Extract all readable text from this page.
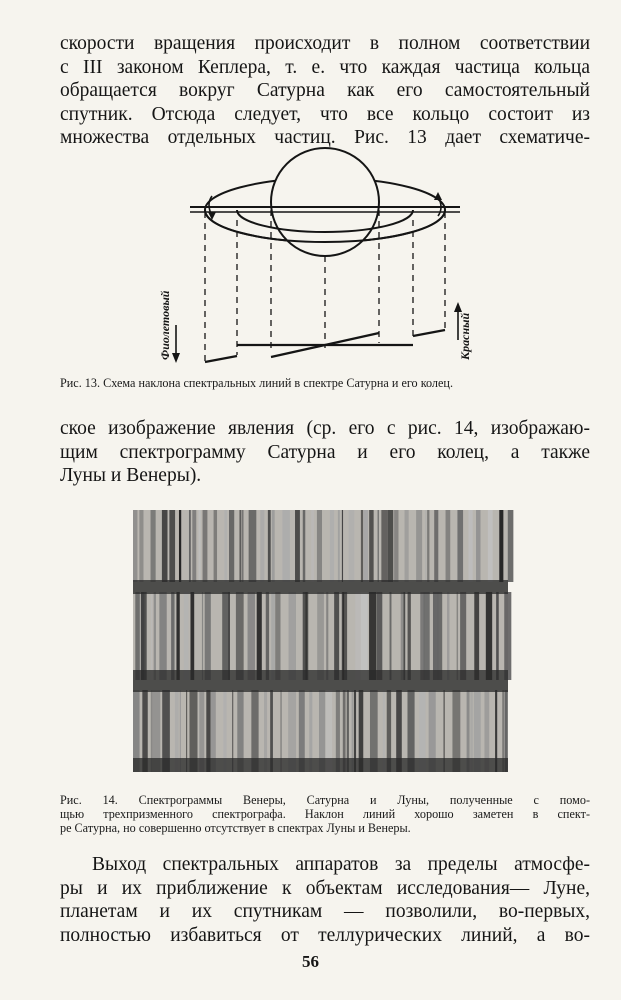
скорости вращения происходит в полном соответствии
с III законом Кеплера, т. е. что каждая частица кольца
обращается вокруг Сатурна как его самостоятельный
спутник. Отсюда следует, что все кольцо состоит из
множества отдельных частиц. Рис. 13 дает схематиче-

Фиолетовый	Красный

Рис. 13. Схема наклона спектральных линий в спектре Сатурна и его колец.

ское изображение явления (ср. его с рис. 14, изображаю-
щим спектрограмму Сатурна и его колец, а также
Луны и Венеры).

Рис. 14. Спектрограммы Венеры, Сатурна и Луны, полученные с помо-
щью трехпризменного спектрографа. Наклон линий хорошо заметен в спект-
ре Сатурна, но совершенно отсутствует в спектрах Луны и Венеры.

Выход спектральных аппаратов за пределы атмосфе-
ры и их приближение к объектам исследования— Луне,
планетам и их спутникам — позволили, во-первых,
полностью избавиться от теллурических линий, а во-

56
